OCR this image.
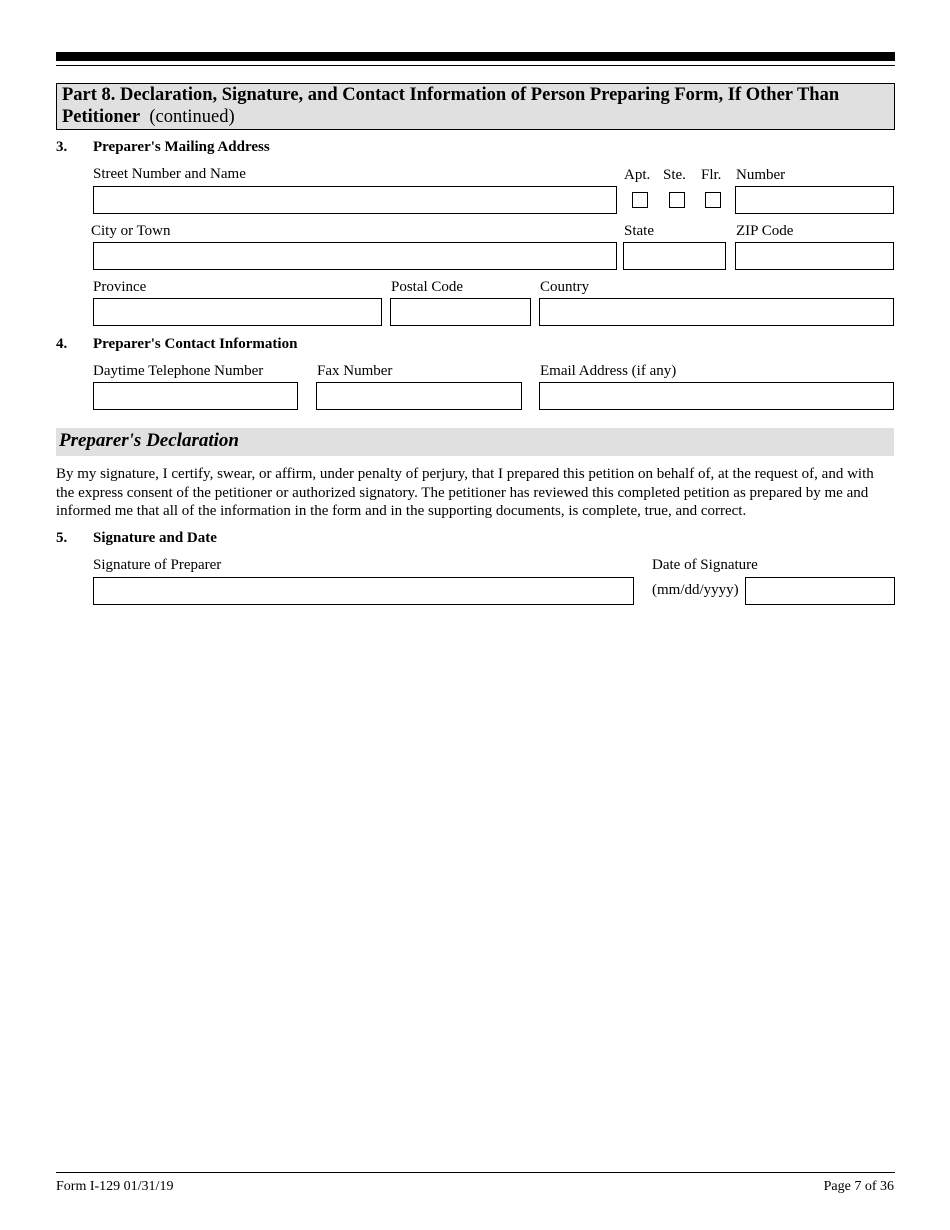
Part 8. Declaration, Signature, and Contact Information of Person Preparing Form, If Other Than Petitioner (continued)
3. Preparer's Mailing Address
Street Number and Name	Apt. Ste. Flr. Number
City or Town	State	ZIP Code
Province	Postal Code	Country
4. Preparer's Contact Information
Daytime Telephone Number	Fax Number	Email Address (if any)
Preparer's Declaration
By my signature, I certify, swear, or affirm, under penalty of perjury, that I prepared this petition on behalf of, at the request of, and with the express consent of the petitioner or authorized signatory. The petitioner has reviewed this completed petition as prepared by me and informed me that all of the information in the form and in the supporting documents, is complete, true, and correct.
5. Signature and Date
Signature of Preparer	Date of Signature
(mm/dd/yyyy)
Form I-129 01/31/19	Page 7 of 36
